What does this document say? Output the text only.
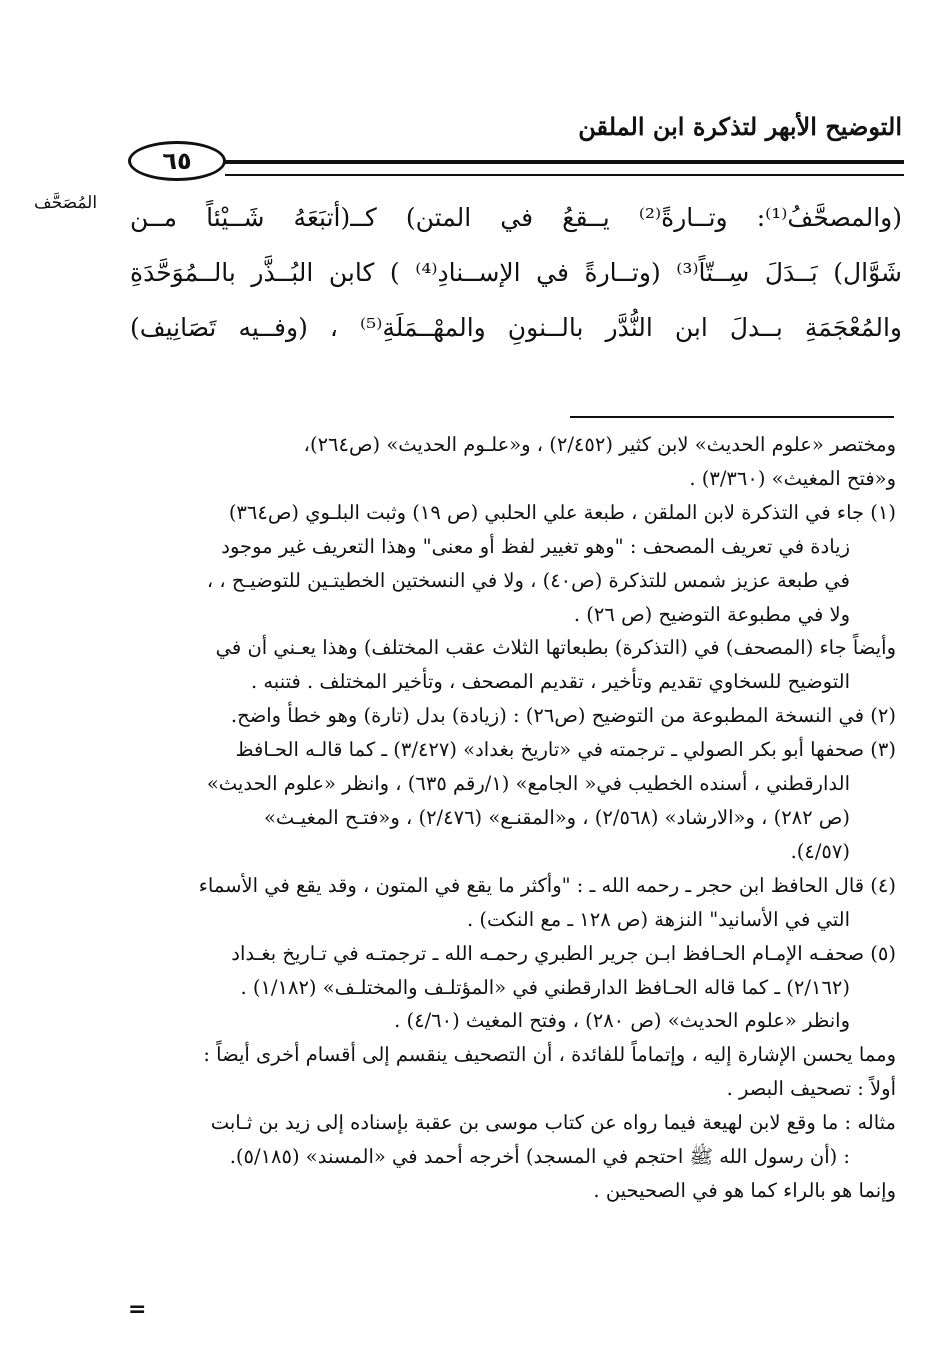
التوضيح الأبهر لتذكرة ابن الملقن
٦٥
المُصَحَّف (والمصحَّفُ⁽¹⁾: وتــارةً⁽²⁾ يــقعُ في المتن) كــ(أتبَعَهُ شَــيْئاً مــن
شَوَّال) بَــدَلَ سِــتّاً⁽³⁾ (وتــارةً في الإســنادِ⁽⁴⁾ ) كابن البُــذَّر بالــمُوَحَّدَةِ
والمُعْجَمَةِ بــدلَ ابن النُّدَّر بالــنونِ والمهْــمَلَةِ⁽⁵⁾ ، (وفــيه تَصَانِيف)
ومختصر «علوم الحديث» لابن كثير (٢/٤٥٢) ، و«علـوم الحديث» (ص٢٦٤)،
و«فتح المغيث» (٣/٣٦٠) .
(١) جاء في التذكرة لابن الملقن ، طبعة علي الحلبي (ص ١٩) وثبت البلـوي (ص٣٦٤)
زيادة في تعريف المصحف : "وهو تغيير لفظ أو معنى" وهذا التعريف غير موجود
في طبعة عزيز شمس للتذكرة (ص٤٠) ، ولا في النسختين الخطيتـين للتوضيـح ، ،
ولا في مطبوعة التوضيح (ص ٢٦) .
وأيضاً جاء (المصحف) في (التذكرة) بطبعاتها الثلاث عقب المختلف) وهذا يعـني أن في
التوضيح للسخاوي تقديم وتأخير ، تقديم المصحف ، وتأخير المختلف . فتنبه .
(٢) في النسخة المطبوعة من التوضيح (ص٢٦) : (زيادة) بدل (تارة) وهو خطأ واضح.
(٣) صحفها أبو بكر الصولي ـ ترجمته في «تاريخ بغداد» (٣/٤٢٧) ـ كما قالـه الحـافظ
الدارقطني ، أسنده الخطيب في« الجامع» (١/رقم ٦٣٥) ، وانظر «علوم الحديث»
(ص ٢٨٢) ، و«الارشاد» (٢/٥٦٨) ، و«المقنـع» (٢/٤٧٦) ، و«فتـح المغيـث»
(٤/٥٧).
(٤) قال الحافظ ابن حجر ـ رحمه الله ـ : "وأكثر ما يقع في المتون ، وقد يقع في الأسماء
التي في الأسانيد" النزهة (ص ١٢٨ ـ مع النكت) .
(٥) صحفـه الإمـام الحـافظ ابـن جرير الطبري رحمـه الله ـ ترجمتـه في تـاريخ بغـداد
(٢/١٦٢) ـ كما قاله الحـافظ الدارقطني في «المؤتلـف والمختلـف» (١/١٨٢) .
وانظر «علوم الحديث» (ص ٢٨٠) ، وفتح المغيث (٤/٦٠) .
ومما يحسن الإشارة إليه ، وإتماماً للفائدة ، أن التصحيف ينقسم إلى أقسام أخرى أيضاً :
أولاً : تصحيف البصر .
مثاله : ما وقع لابن لهيعة فيما رواه عن كتاب موسى بن عقبة بإسناده إلى زيد بن ثـابت
: (أن رسول الله ﷺ احتجم في المسجد) أخرجه أحمد في «المسند» (٥/١٨٥).
وإنما هو بالراء كما هو في الصحيحين .
=
